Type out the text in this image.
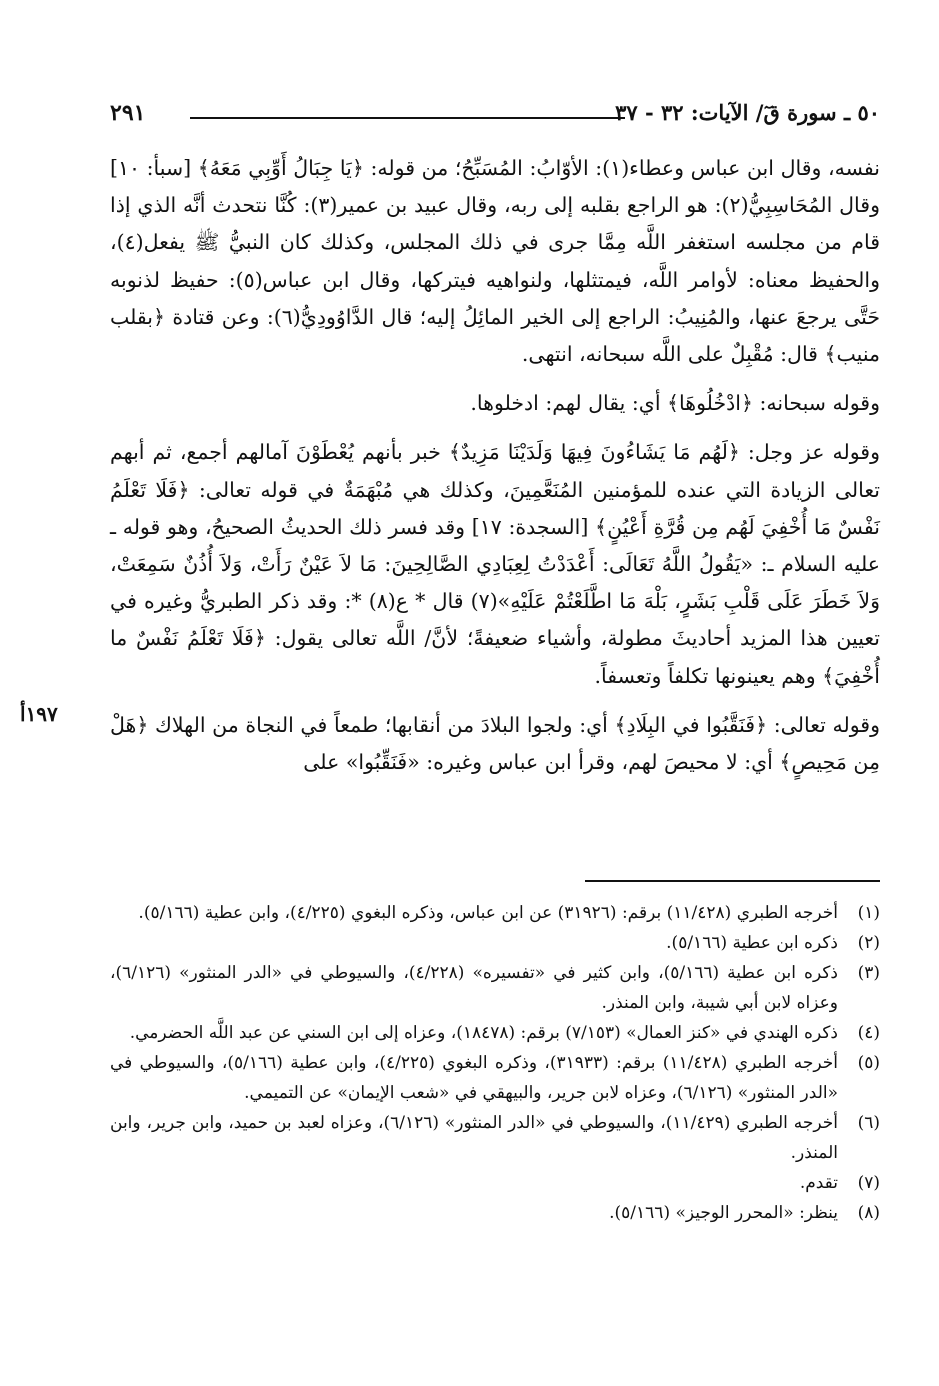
٢٩١	٥٠ ـ سورة قٓ/ الآيات: ٣٢ - ٣٧

نفسه، وقال ابن عباس وعطاء(١): الأوّابُ: المُسَبِّحُ؛ من قوله: ﴿يَا جِبَالُ أَوِّبِي مَعَهُ﴾ [سبأ: ١٠] وقال المُحَاسِبِيُّ(٢): هو الراجع بقلبه إلى ربه، وقال عبيد بن عمير(٣): كُنَّا نتحدث أنَّه الذي إذا قام من مجلسه استغفر اللَّه مِمَّا جرى في ذلك المجلس، وكذلك كان النبيُّ ﷺ يفعل(٤)، والحفيظ معناه: لأوامر اللَّه، فيمتثلها، ولنواهيه فيتركها، وقال ابن عباس(٥): حفيظ لذنوبه حَتَّى يرجعَ عنها، والمُنِيبُ: الراجع إلى الخير المائِلُ إليه؛ قال الدَّاوُودِيُّ(٦): وعن قتادة ﴿بقلب منيب﴾ قال: مُقْبِلٌ على اللَّه سبحانه، انتهى.

وقوله سبحانه: ﴿ادْخُلُوهَا﴾ أي: يقال لهم: ادخلوها.

وقوله عز وجل: ﴿لَهُم مَا يَشَاءُونَ فِيهَا وَلَدَيْنَا مَزِيدٌ﴾ خبر بأنهم يُعْطَوْنَ آمالهم أجمع، ثم أبهم تعالى الزيادة التي عنده للمؤمنين المُنَعَّمِينَ، وكذلك هي مُبْهَمَةٌ في قوله تعالى: ﴿فَلَا تَعْلَمُ نَفْسٌ مَا أُخْفِيَ لَهُم مِن قُرَّةِ أَعْيُنٍ﴾ [السجدة: ١٧] وقد فسر ذلك الحديثُ الصحيحُ، وهو قوله ـ عليه السلام ـ: «يَقُولُ اللَّهُ تَعَالَى: أَعْدَدْتُ لِعِبَادِي الصَّالِحِينَ: مَا لاَ عَيْنٌ رَأَتْ، وَلاَ أُذُنٌ سَمِعَتْ، وَلاَ خَطَرَ عَلَى قَلْبِ بَشَرٍ، بَلْهَ مَا اطَّلَعْتُمْ عَلَيْهِ»(٧) قال * ع(٨) *: وقد ذكر الطبريُّ وغيره في تعيين هذا المزيد أحاديثَ مطولة، وأشياء ضعيفةً؛ لأنَّ/ اللَّه تعالى يقول: ﴿فَلَا تَعْلَمُ نَفْسٌ ما أُخْفِيَ﴾ وهم يعينونها تكلفاً وتعسفاً.

وقوله تعالى: ﴿فَنَقَّبُوا في البِلَادِ﴾ أي: ولجوا البلادَ من أنقابها؛ طمعاً في النجاة من الهلاك ﴿هَلْ مِن مَحِيصٍ﴾ أي: لا محيصَ لهم، وقرأ ابن عباس وغيره: «فَنَقِّبُوا» على

١٩٧أ
(١)
أخرجه الطبري (١١/٤٢٨) برقم: (٣١٩٢٦) عن ابن عباس، وذكره البغوي (٤/٢٢٥)، وابن عطية (٥/١٦٦).
(٢)
ذكره ابن عطية (٥/١٦٦).
(٣)
ذكره ابن عطية (٥/١٦٦)، وابن كثير في «تفسيره» (٤/٢٢٨)، والسيوطي في «الدر المنثور» (٦/١٢٦)، وعزاه لابن أبي شيبة، وابن المنذر.
(٤)
ذكره الهندي في «كنز العمال» (٧/١٥٣) برقم: (١٨٤٧٨)، وعزاه إلى ابن السني عن عبد اللَّه الحضرمي.
(٥)
أخرجه الطبري (١١/٤٢٨) برقم: (٣١٩٣٣)، وذكره البغوي (٤/٢٢٥)، وابن عطية (٥/١٦٦)، والسيوطي في «الدر المنثور» (٦/١٢٦)، وعزاه لابن جرير، والبيهقي في «شعب الإيمان» عن التميمي.
(٦)
أخرجه الطبري (١١/٤٢٩)، والسيوطي في «الدر المنثور» (٦/١٢٦)، وعزاه لعبد بن حميد، وابن جرير، وابن المنذر.
(٧)
تقدم.
(٨)
ينظر: «المحرر الوجيز» (٥/١٦٦).
